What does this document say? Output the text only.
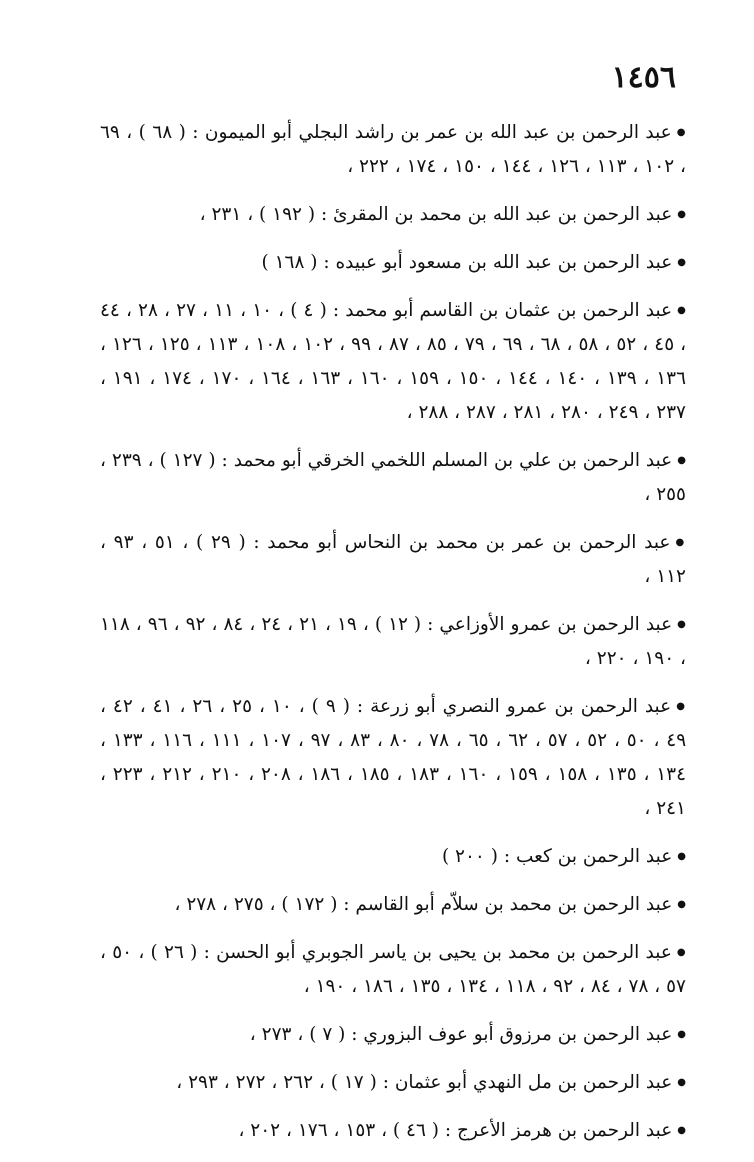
١٤٥٦
●عبد الرحمن بن عبد الله بن عمر بن راشد البجلي أبو الميمون : ( ٦٨ ) ، ٦٩ ، ١٠٢ ، ١١٣ ، ١٢٦ ، ١٤٤ ، ١٥٠ ، ١٧٤ ، ٢٢٢ ،
●عبد الرحمن بن عبد الله بن محمد بن المقرئ : ( ١٩٢ ) ، ٢٣١ ،
●عبد الرحمن بن عبد الله بن مسعود أبو عبيده : ( ١٦٨ )
●عبد الرحمن بن عثمان بن القاسم أبو محمد : ( ٤ ) ، ١٠ ، ١١ ، ٢٧ ، ٢٨ ، ٤٤ ، ٤٥ ، ٥٢ ، ٥٨ ، ٦٨ ، ٦٩ ، ٧٩ ، ٨٥ ، ٨٧ ، ٩٩ ، ١٠٢ ، ١٠٨ ، ١١٣ ، ١٢٥ ، ١٢٦ ، ١٣٦ ، ١٣٩ ، ١٤٠ ، ١٤٤ ، ١٥٠ ، ١٥٩ ، ١٦٠ ، ١٦٣ ، ١٦٤ ، ١٧٠ ، ١٧٤ ، ١٩١ ، ٢٣٧ ، ٢٤٩ ، ٢٨٠ ، ٢٨١ ، ٢٨٧ ، ٢٨٨ ،
●عبد الرحمن بن علي بن المسلم اللخمي الخرقي أبو محمد : ( ١٢٧ ) ، ٢٣٩ ، ٢٥٥ ،
●عبد الرحمن بن عمر بن محمد بن النحاس أبو محمد : ( ٢٩ ) ، ٥١ ، ٩٣ ، ١١٢ ،
●عبد الرحمن بن عمرو الأوزاعي : ( ١٢ ) ، ١٩ ، ٢١ ، ٢٤ ، ٨٤ ، ٩٢ ، ٩٦ ، ١١٨ ، ١٩٠ ، ٢٢٠ ،
●عبد الرحمن بن عمرو النصري أبو زرعة : ( ٩ ) ، ١٠ ، ٢٥ ، ٢٦ ، ٤١ ، ٤٢ ، ٤٩ ، ٥٠ ، ٥٢ ، ٥٧ ، ٦٢ ، ٦٥ ، ٧٨ ، ٨٠ ، ٨٣ ، ٩٧ ، ١٠٧ ، ١١١ ، ١١٦ ، ١٣٣ ، ١٣٤ ، ١٣٥ ، ١٥٨ ، ١٥٩ ، ١٦٠ ، ١٨٣ ، ١٨٥ ، ١٨٦ ، ٢٠٨ ، ٢١٠ ، ٢١٢ ، ٢٢٣ ، ٢٤١ ،
●عبد الرحمن بن كعب : ( ٢٠٠ )
●عبد الرحمن بن محمد بن سلاّم أبو القاسم : ( ١٧٢ ) ، ٢٧٥ ، ٢٧٨ ،
●عبد الرحمن بن محمد بن يحيى بن ياسر الجوبري أبو الحسن : ( ٢٦ ) ، ٥٠ ، ٥٧ ، ٧٨ ، ٨٤ ، ٩٢ ، ١١٨ ، ١٣٤ ، ١٣٥ ، ١٨٦ ، ١٩٠ ،
●عبد الرحمن بن مرزوق أبو عوف البزوري : ( ٧ ) ، ٢٧٣ ،
●عبد الرحمن بن مل النهدي أبو عثمان : ( ١٧ ) ، ٢٦٢ ، ٢٧٢ ، ٢٩٣ ،
●عبد الرحمن بن هرمز الأعرج : ( ٤٦ ) ، ١٥٣ ، ١٧٦ ، ٢٠٢ ،
